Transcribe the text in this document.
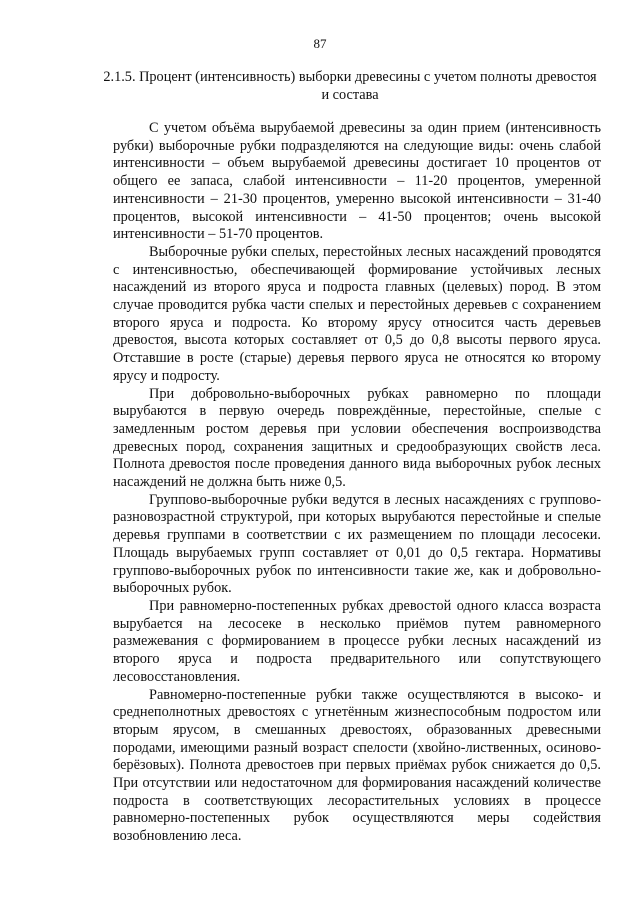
87
2.1.5. Процент (интенсивность) выборки древесины с учетом полноты древостоя и состава

С учетом объёма вырубаемой древесины за один прием (интенсивность рубки) выборочные рубки подразделяются на следующие виды: очень слабой интенсивности – объем вырубаемой древесины достигает 10 процентов от общего ее запаса, слабой интенсивности – 11-20 процентов, умеренной интенсивности – 21-30 процентов, умеренно высокой интенсивности – 31-40 процентов, высокой интенсивности – 41-50 процентов; очень высокой интенсивности – 51-70 процентов.

Выборочные рубки спелых, перестойных лесных насаждений проводятся с интенсивностью, обеспечивающей формирование устойчивых лесных насаждений из второго яруса и подроста главных (целевых) пород. В этом случае проводится рубка части спелых и перестойных деревьев с сохранением второго яруса и подроста. Ко второму ярусу относится часть деревьев древостоя, высота которых составляет от 0,5 до 0,8 высоты первого яруса. Отставшие в росте (старые) деревья первого яруса не относятся ко второму ярусу и подросту.

При добровольно-выборочных рубках равномерно по площади вырубаются в первую очередь повреждённые, перестойные, спелые с замедленным ростом деревья при условии обеспечения воспроизводства древесных пород, сохранения защитных и средообразующих свойств леса. Полнота древостоя после проведения данного вида выборочных рубок лесных насаждений не должна быть ниже 0,5.

Группово-выборочные рубки ведутся в лесных насаждениях с группово-разновозрастной структурой, при которых вырубаются перестойные и спелые деревья группами в соответствии с их размещением по площади лесосеки. Площадь вырубаемых групп составляет от 0,01 до 0,5 гектара. Нормативы группово-выборочных рубок по интенсивности такие же, как и добровольно-выборочных рубок.

При равномерно-постепенных рубках древостой одного класса возраста вырубается на лесосеке в несколько приёмов путем равномерного размежевания с формированием в процессе рубки лесных насаждений из второго яруса и подроста предварительного или сопутствующего лесовосстановления.

Равномерно-постепенные рубки также осуществляются в высоко- и среднеполнотных древостоях с угнетённым жизнеспособным подростом или вторым ярусом, в смешанных древостоях, образованных древесными породами, имеющими разный возраст спелости (хвойно-лиственных, осиново-берёзовых). Полнота древостоев при первых приёмах рубок снижается до 0,5. При отсутствии или недостаточном для формирования насаждений количестве подроста в соответствующих лесорастительных условиях в процессе равномерно-постепенных рубок осуществляются меры содействия возобновлению леса.
